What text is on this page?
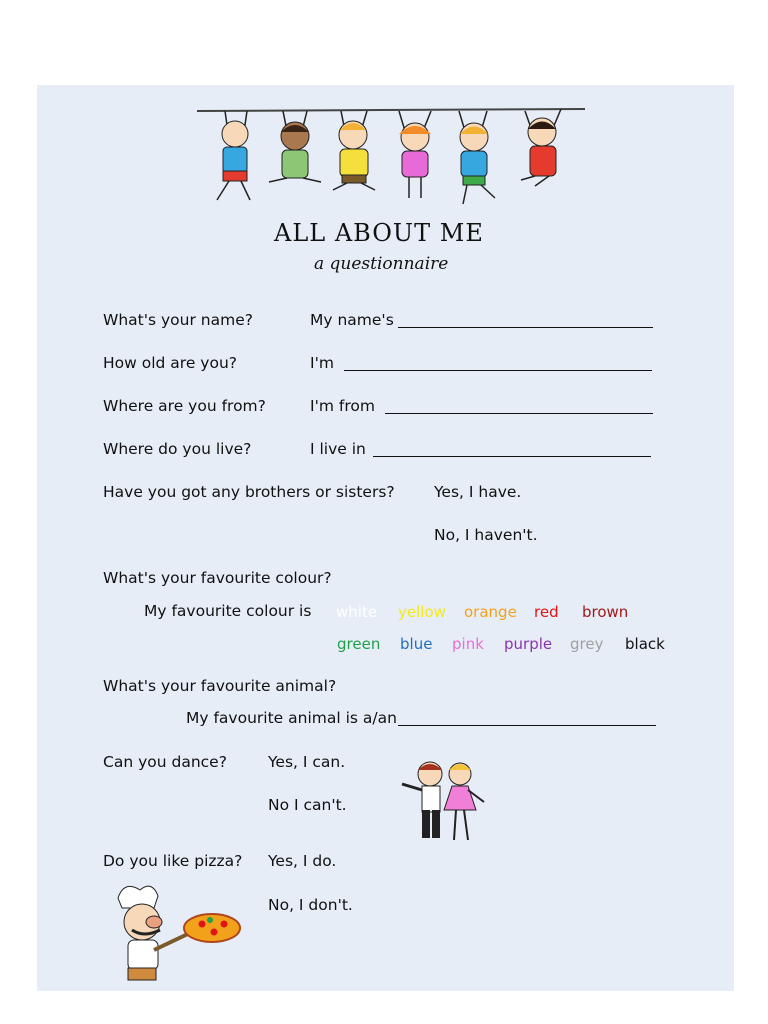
ALL ABOUT ME
a questionnaire
What's your name?	My name's
How old are you?	I'm
Where are you from?	I'm from
Where do you live?	I live in
Have you got any brothers or sisters?	Yes, I have.
No, I haven't.
What's your favourite colour?
My favourite colour is white yellow orange red brown
green blue pink purple grey black
What's your favourite animal?
My favourite animal is a/an
Can you dance?	Yes, I can.
No I can't.
Do you like pizza? Yes, I do.
No, I don't.
